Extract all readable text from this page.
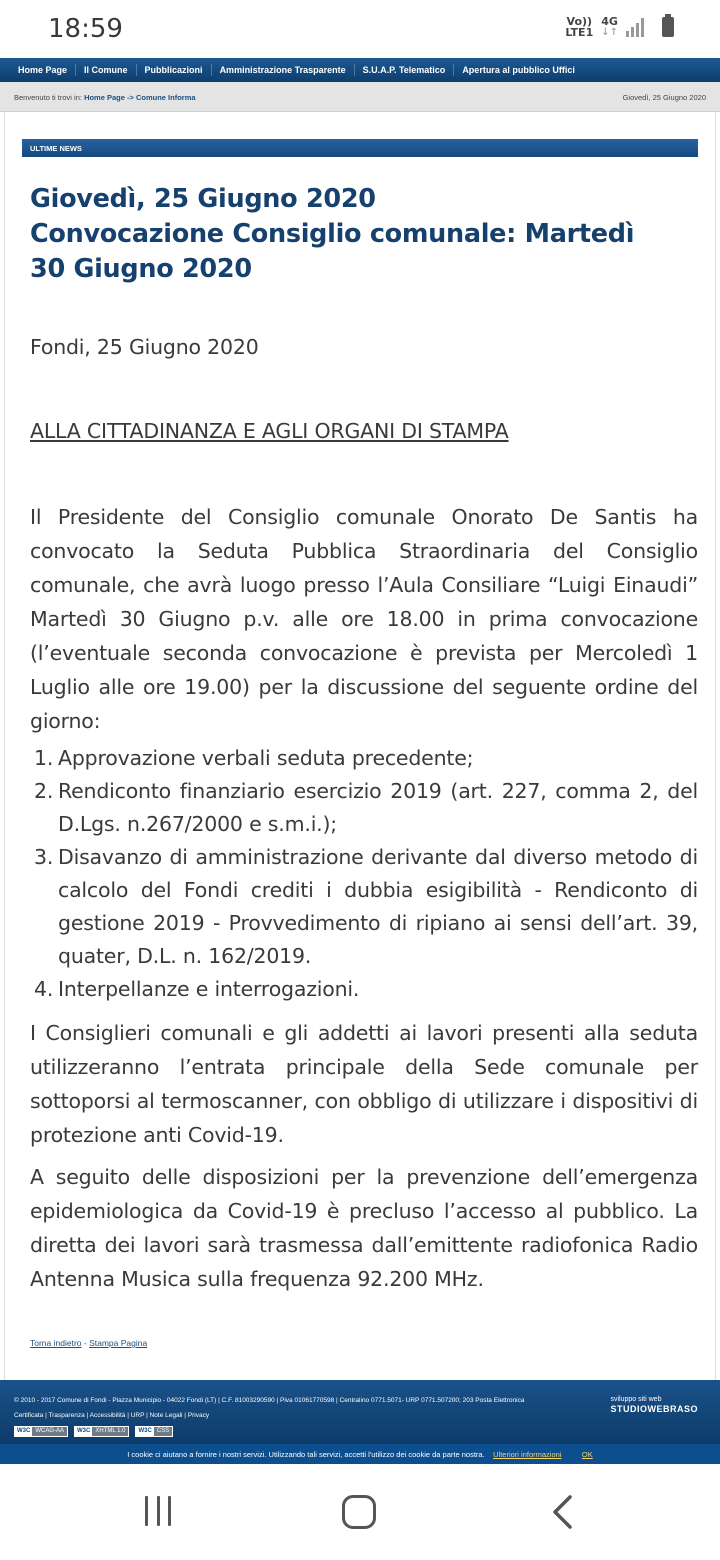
18:59	Vo))
LTE1
4G
↓↑
Home Page	Il Comune	Pubblicazioni	Amministrazione Trasparente	S.U.A.P. Telematico	Apertura al pubblico Uffici
Benvenuto ti trovi in: Home Page -> Comune Informa	Giovedì, 25 Giugno 2020
ULTIME NEWS
Giovedì, 25 Giugno 2020
Convocazione Consiglio comunale: Martedì 30 Giugno 2020

Fondi, 25 Giugno 2020

ALLA CITTADINANZA E AGLI ORGANI DI STAMPA

Il Presidente del Consiglio comunale Onorato De Santis ha convocato la Seduta Pubblica Straordinaria del Consiglio comunale, che avrà luogo presso l’Aula Consiliare “Luigi Einaudi” Martedì 30 Giugno p.v. alle ore 18.00 in prima convocazione (l’eventuale seconda convocazione è prevista per Mercoledì 1 Luglio alle ore 19.00) per la discussione del seguente ordine del giorno:

1. Approvazione verbali seduta precedente;
2. Rendiconto finanziario esercizio 2019 (art. 227, comma 2, del D.Lgs. n.267/2000 e s.m.i.);
3. Disavanzo di amministrazione derivante dal diverso metodo di calcolo del Fondi crediti i dubbia esigibilità - Rendiconto di gestione 2019 - Provvedimento di ripiano ai sensi dell’art. 39, quater, D.L. n. 162/2019.
4. Interpellanze e interrogazioni.

I Consiglieri comunali e gli addetti ai lavori presenti alla seduta utilizzeranno l’entrata principale della Sede comunale per sottoporsi al termoscanner, con obbligo di utilizzare i dispositivi di protezione anti Covid-19.

A seguito delle disposizioni per la prevenzione dell’emergenza epidemiologica da Covid-19 è precluso l’accesso al pubblico. La diretta dei lavori sarà trasmessa dall’emittente radiofonica Radio Antenna Musica sulla frequenza 92.200 MHz.

Torna indietro - Stampa Pagina
© 2010 - 2017 Comune di Fondi - Piazza Municipio - 04022 Fondi (LT) | C.F. 81003290590 | Piva 01061770598 | Centralino 0771.5071- URP 0771.507200; 203 Posta Elettronica
Certificata | Trasparenza | Accessibilità | URP | Note Legali | Privacy
W3C WCAG-AA	W3C XHTML 1.0	W3C CSS
sviluppo siti web
STUDIOWEBRASO
I cookie ci aiutano a fornire i nostri servizi. Utilizzando tali servizi, accetti l'utilizzo dei cookie da parte nostra. Ulteriori informazioni	OK
